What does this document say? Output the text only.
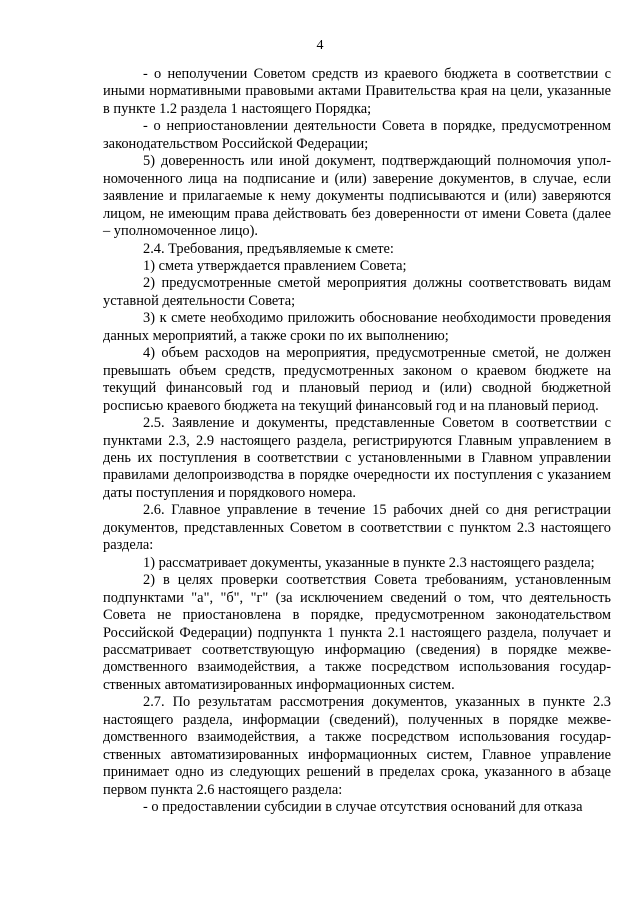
4

- о неполучении Советом средств из краевого бюджета в соответствии с иными нормативными правовыми актами Правительства края на цели, указанные в пункте 1.2 раздела 1 настоящего Порядка;

- о неприостановлении деятельности Совета в порядке, предусмотренном законодательством Российской Федерации;

5) доверенность или иной документ, подтверждающий полномочия уполномоченного лица на подписание и (или) заверение документов, в случае, если заявление и прилагаемые к нему документы подписываются и (или) заверяются лицом, не имеющим права действовать без доверенности от имени Совета (далее – уполномоченное лицо).

2.4. Требования, предъявляемые к смете:

1) смета утверждается правлением Совета;

2) предусмотренные сметой мероприятия должны соответствовать видам уставной деятельности Совета;

3) к смете необходимо приложить обоснование необходимости проведения данных мероприятий, а также сроки по их выполнению;

4) объем расходов на мероприятия, предусмотренные сметой, не должен превышать объем средств, предусмотренных законом о краевом бюджете на текущий финансовый год и плановый период и (или) сводной бюджетной росписью краевого бюджета на текущий финансовый год и на плановый период.

2.5. Заявление и документы, представленные Советом в соответствии с пунктами 2.3, 2.9 настоящего раздела, регистрируются Главным управлением в день их поступления в соответствии с установленными в Главном управлении правилами делопроизводства в порядке очередности их поступления с указанием даты поступления и порядкового номера.

2.6. Главное управление в течение 15 рабочих дней со дня регистрации документов, представленных Советом в соответствии с пунктом 2.3 настоящего раздела:

1) рассматривает документы, указанные в пункте 2.3 настоящего раздела;

2) в целях проверки соответствия Совета требованиям, установленным подпунктами "а", "б", "г" (за исключением сведений о том, что деятельность Совета не приостановлена в порядке, предусмотренном законодательством Российской Федерации) подпункта 1 пункта 2.1 настоящего раздела, получает и рассматривает соответствующую информацию (сведения) в порядке межведомственного взаимодействия, а также посредством использования государственных автоматизированных информационных систем.

2.7. По результатам рассмотрения документов, указанных в пункте 2.3 настоящего раздела, информации (сведений), полученных в порядке межведомственного взаимодействия, а также посредством использования государственных автоматизированных информационных систем, Главное управление принимает одно из следующих решений в пределах срока, указанного в абзаце первом пункта 2.6 настоящего раздела:

- о предоставлении субсидии в случае отсутствия оснований для отказа
